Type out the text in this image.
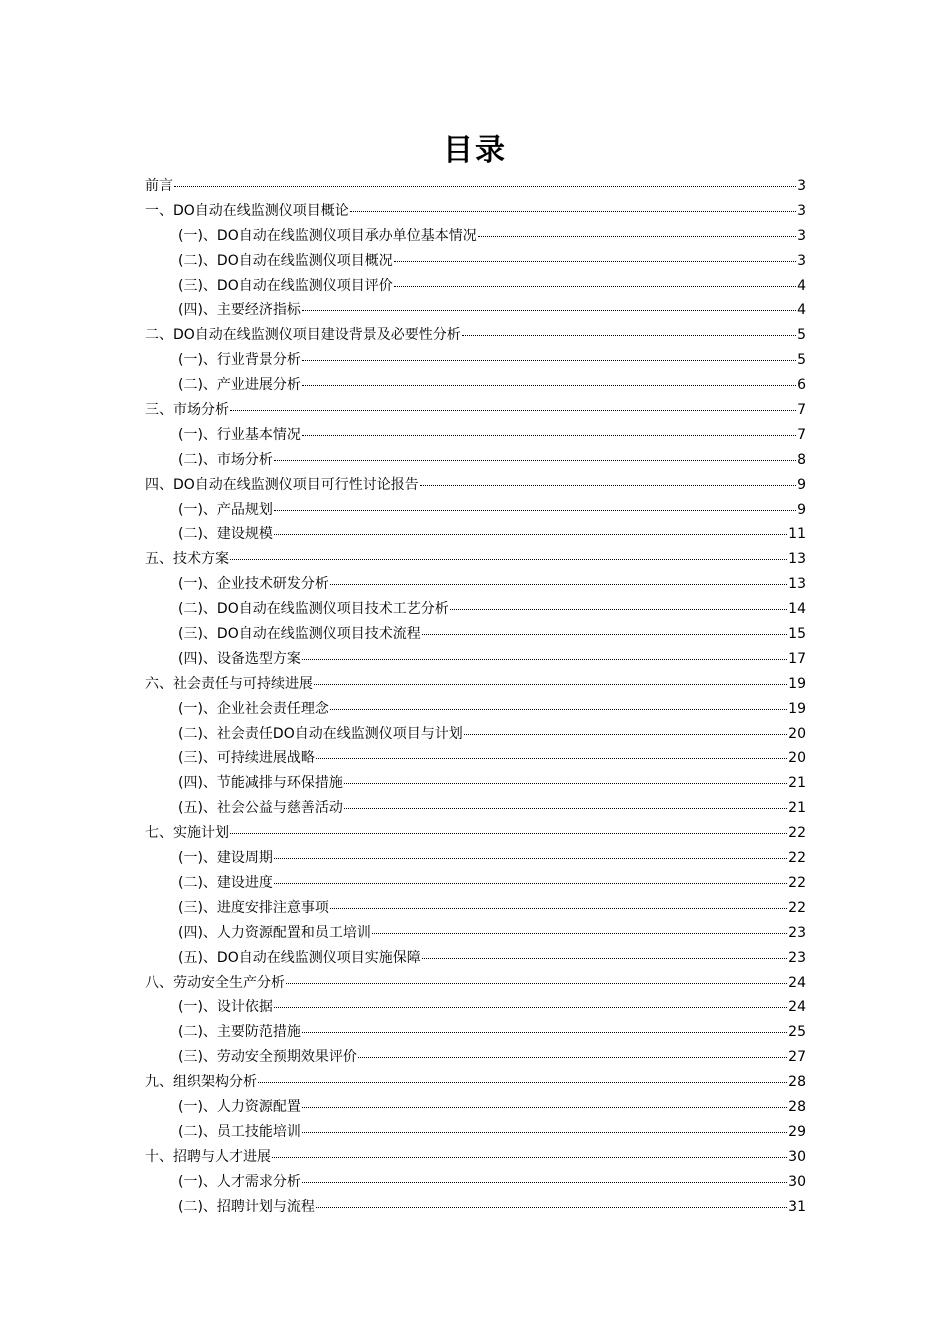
目录
前言	3
一、DO自动在线监测仪项目概论	3
(一)、DO自动在线监测仪项目承办单位基本情况	3
(二)、DO自动在线监测仪项目概况	3
(三)、DO自动在线监测仪项目评价	4
(四)、主要经济指标	4
二、DO自动在线监测仪项目建设背景及必要性分析	5
(一)、行业背景分析	5
(二)、产业进展分析	6
三、市场分析	7
(一)、行业基本情况	7
(二)、市场分析	8
四、DO自动在线监测仪项目可行性讨论报告	9
(一)、产品规划	9
(二)、建设规模	11
五、技术方案	13
(一)、企业技术研发分析	13
(二)、DO自动在线监测仪项目技术工艺分析	14
(三)、DO自动在线监测仪项目技术流程	15
(四)、设备选型方案	17
六、社会责任与可持续进展	19
(一)、企业社会责任理念	19
(二)、社会责任DO自动在线监测仪项目与计划	20
(三)、可持续进展战略	20
(四)、节能减排与环保措施	21
(五)、社会公益与慈善活动	21
七、实施计划	22
(一)、建设周期	22
(二)、建设进度	22
(三)、进度安排注意事项	22
(四)、人力资源配置和员工培训	23
(五)、DO自动在线监测仪项目实施保障	23
八、劳动安全生产分析	24
(一)、设计依据	24
(二)、主要防范措施	25
(三)、劳动安全预期效果评价	27
九、组织架构分析	28
(一)、人力资源配置	28
(二)、员工技能培训	29
十、招聘与人才进展	30
(一)、人才需求分析	30
(二)、招聘计划与流程	31
